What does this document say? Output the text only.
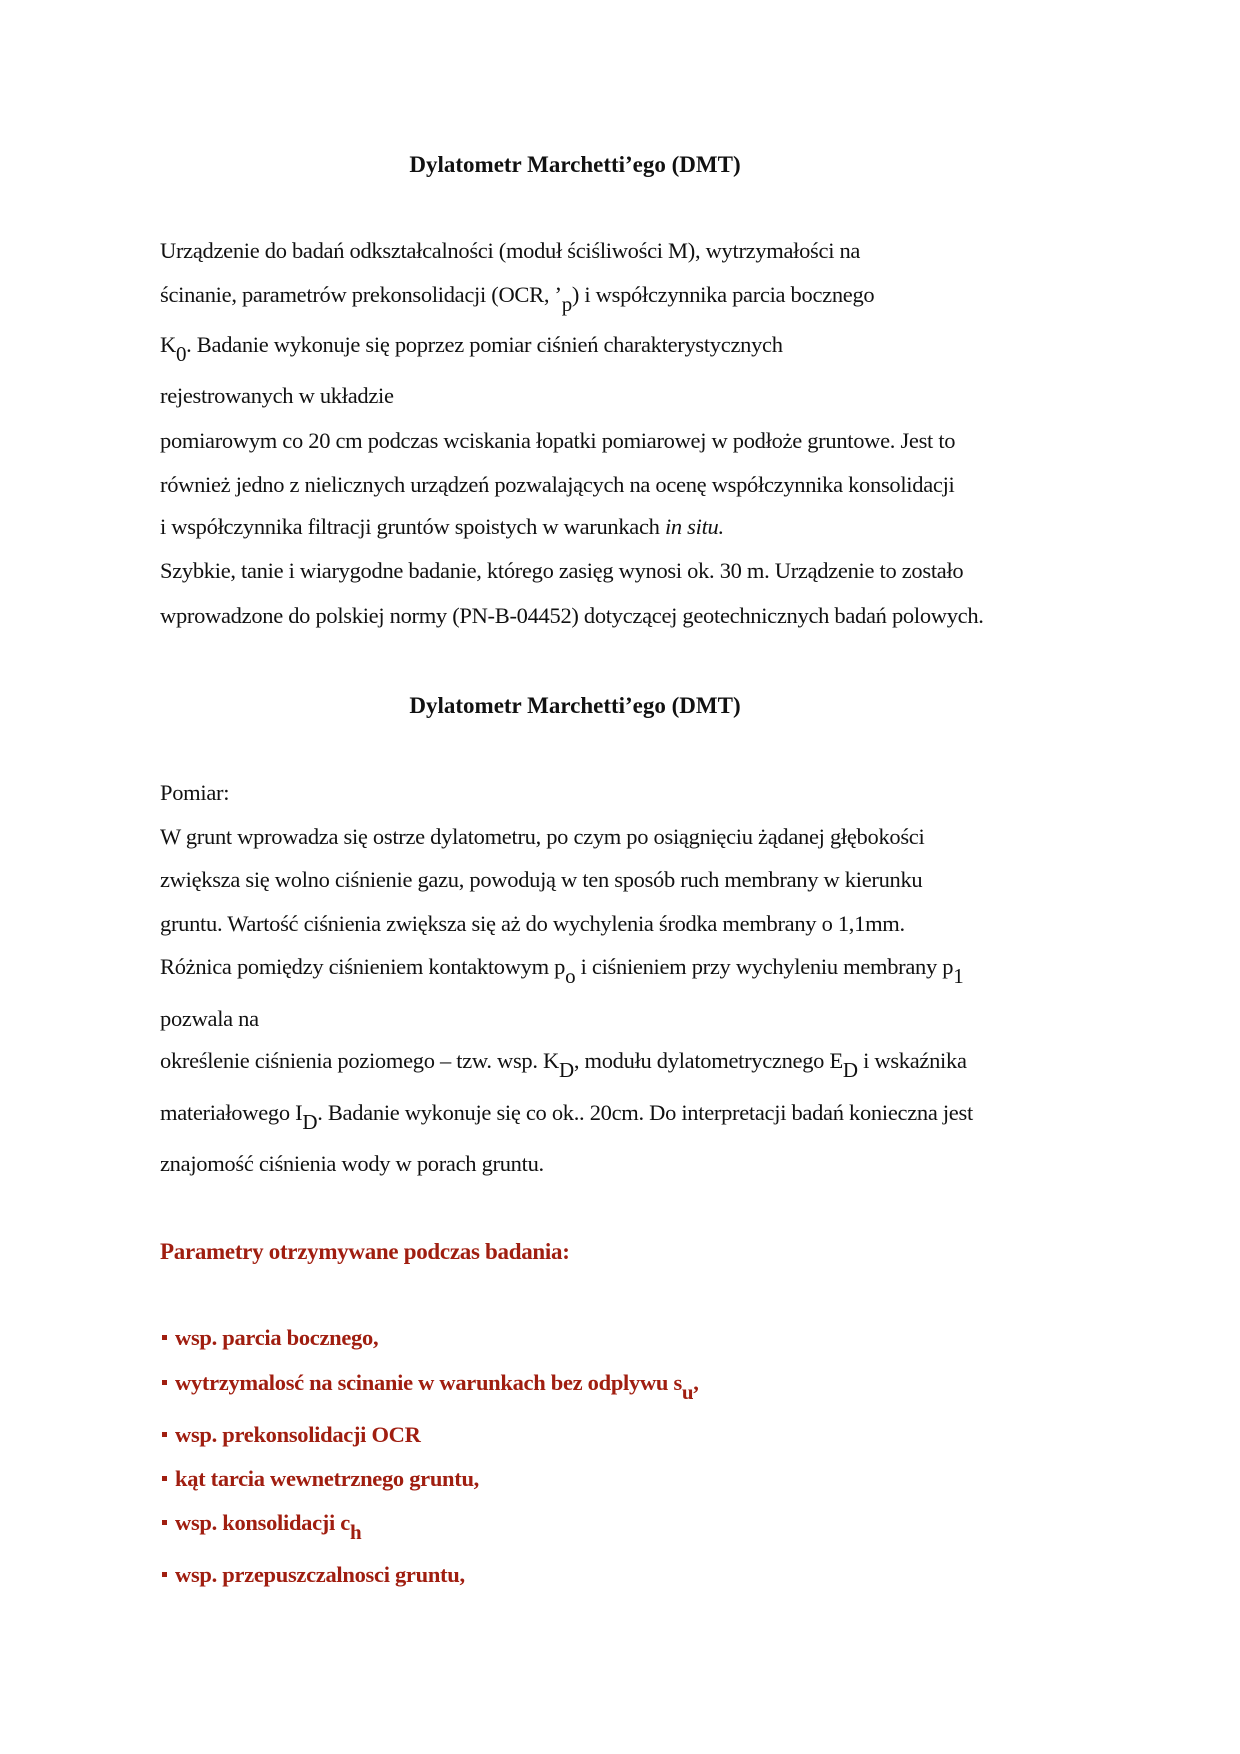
Dylatometr Marchetti’ego (DMT)
Urządzenie do badań odkształcalności (moduł ściśliwości M), wytrzymałości na
ścinanie, parametrów prekonsolidacji (OCR, $’_p$) i współczynnika parcia bocznego
$K_0$. Badanie wykonuje się poprzez pomiar ciśnień charakterystycznych
rejestrowanych w układzie
pomiarowym co 20 cm podczas wciskania łopatki pomiarowej w podłoże gruntowe. Jest to
również jedno z nielicznych urządzeń pozwalających na ocenę współczynnika konsolidacji
i współczynnika filtracji gruntów spoistych w warunkach in situ.
Szybkie, tanie i wiarygodne badanie, którego zasięg wynosi ok. 30 m. Urządzenie to zostało
wprowadzone do polskiej normy (PN-B-04452) dotyczącej geotechnicznych badań polowych.
Dylatometr Marchetti’ego (DMT)
Pomiar:
W grunt wprowadza się ostrze dylatometru, po czym po osiągnięciu żądanej głębokości
zwiększa się wolno ciśnienie gazu, powodują w ten sposób ruch membrany w kierunku
gruntu. Wartość ciśnienia zwiększa się aż do wychylenia środka membrany o 1,1mm.
Różnica pomiędzy ciśnieniem kontaktowym $p_o$ i ciśnieniem przy wychyleniu membrany $p_1$
pozwala na
określenie ciśnienia poziomego – tzw. wsp. $K_D$, modułu dylatometrycznego $E_D$ i wskaźnika
materiałowego $I_D$. Badanie wykonuje się co ok.. 20cm. Do interpretacji badań konieczna jest
znajomość ciśnienia wody w porach gruntu.
Parametry otrzymywane podczas badania:
wsp. parcia bocznego,
wytrzymalosć na scinanie w warunkach bez odplywu $s_u$,
wsp. prekonsolidacji OCR
kąt tarcia wewnetrznego gruntu,
wsp. konsolidacji $c_h$
wsp. przepuszczalnosci gruntu,
